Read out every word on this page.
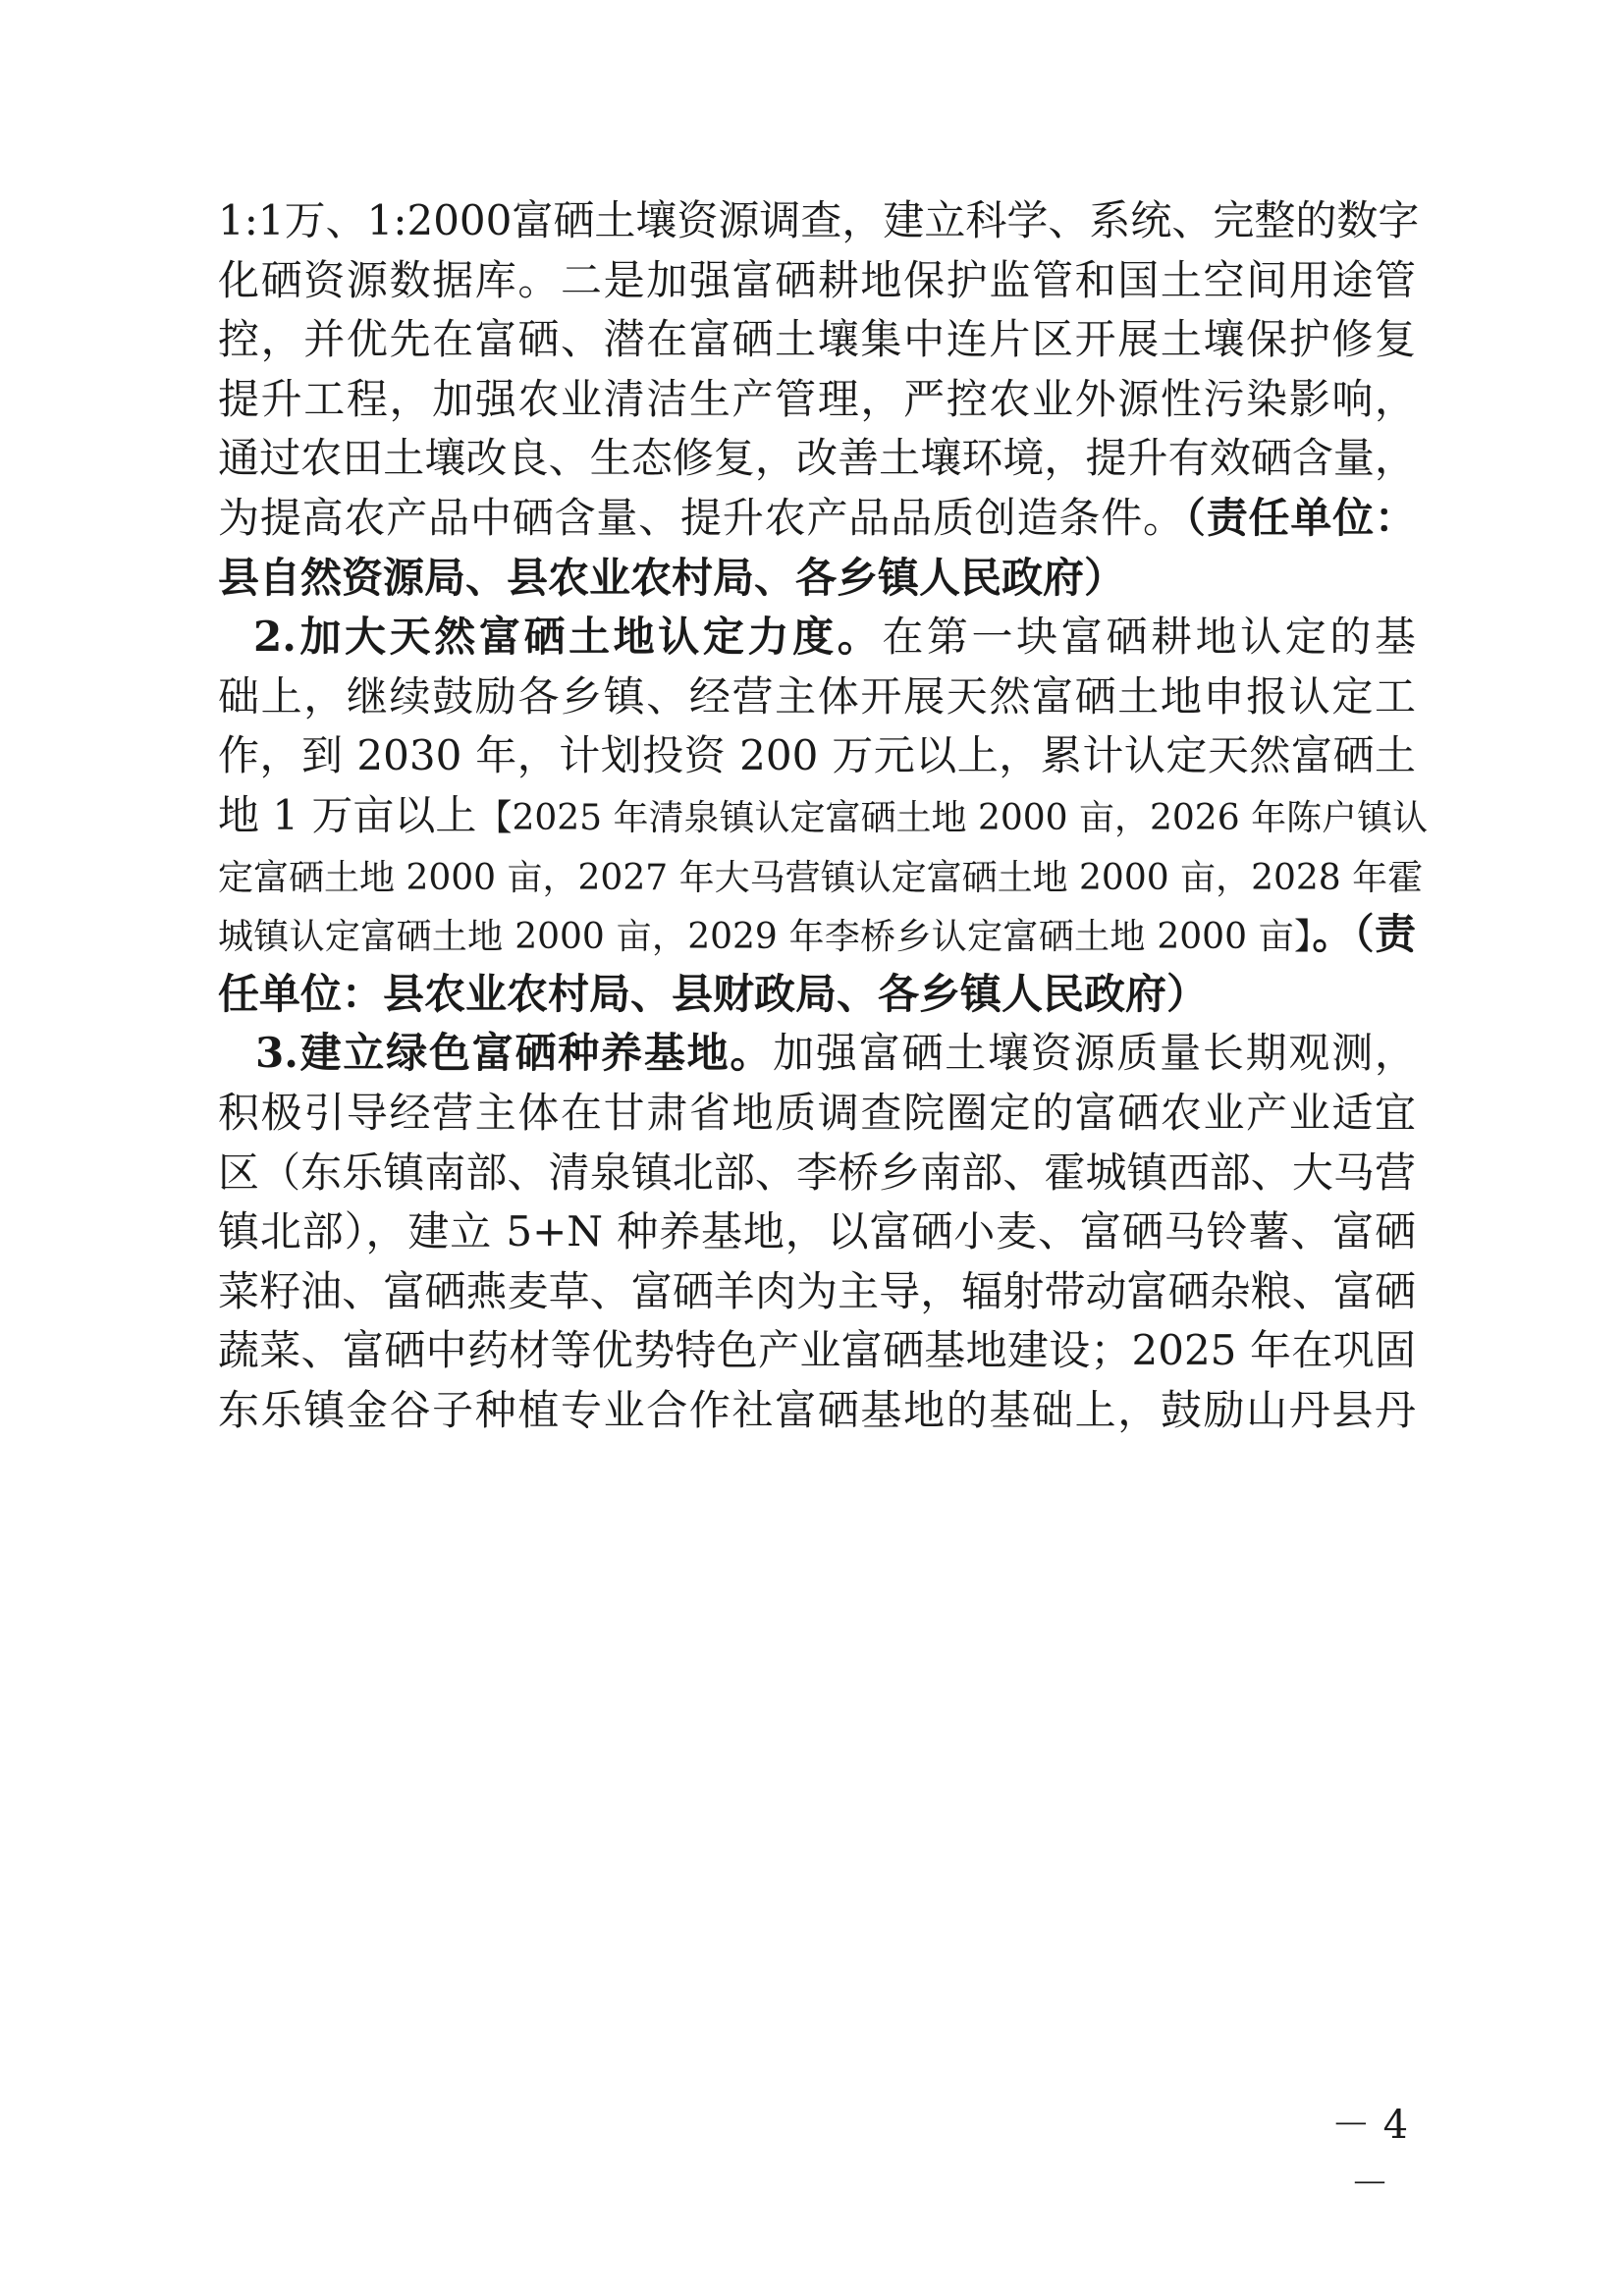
1:1万、1:2000富硒土壤资源调查，建立科学、系统、完整的数字
化硒资源数据库。二是加强富硒耕地保护监管和国土空间用途管
控，并优先在富硒、潜在富硒土壤集中连片区开展土壤保护修复
提升工程，加强农业清洁生产管理，严控农业外源性污染影响，
通过农田土壤改良、生态修复，改善土壤环境，提升有效硒含量，
为提高农产品中硒含量、提升农产品品质创造条件。（责任单位：
县自然资源局、县农业农村局、各乡镇人民政府）
2.加大天然富硒土地认定力度。在第一块富硒耕地认定的基
础上，继续鼓励各乡镇、经营主体开展天然富硒土地申报认定工
作，到 2030 年，计划投资 200 万元以上，累计认定天然富硒土
地 1 万亩以上【2025 年清泉镇认定富硒土地 2000 亩，2026 年陈户镇认
定富硒土地 2000 亩，2027 年大马营镇认定富硒土地 2000 亩，2028 年霍
城镇认定富硒土地 2000 亩，2029 年李桥乡认定富硒土地 2000 亩】。（责
任单位：县农业农村局、县财政局、各乡镇人民政府）
3.建立绿色富硒种养基地。加强富硒土壤资源质量长期观测，
积极引导经营主体在甘肃省地质调查院圈定的富硒农业产业适宜
区（东乐镇南部、清泉镇北部、李桥乡南部、霍城镇西部、大马营
镇北部），建立 5+N 种养基地，以富硒小麦、富硒马铃薯、富硒
菜籽油、富硒燕麦草、富硒羊肉为主导，辐射带动富硒杂粮、富硒
蔬菜、富硒中药材等优势特色产业富硒基地建设；2025 年在巩固
东乐镇金谷子种植专业合作社富硒基地的基础上，鼓励山丹县丹
－ 4 －
